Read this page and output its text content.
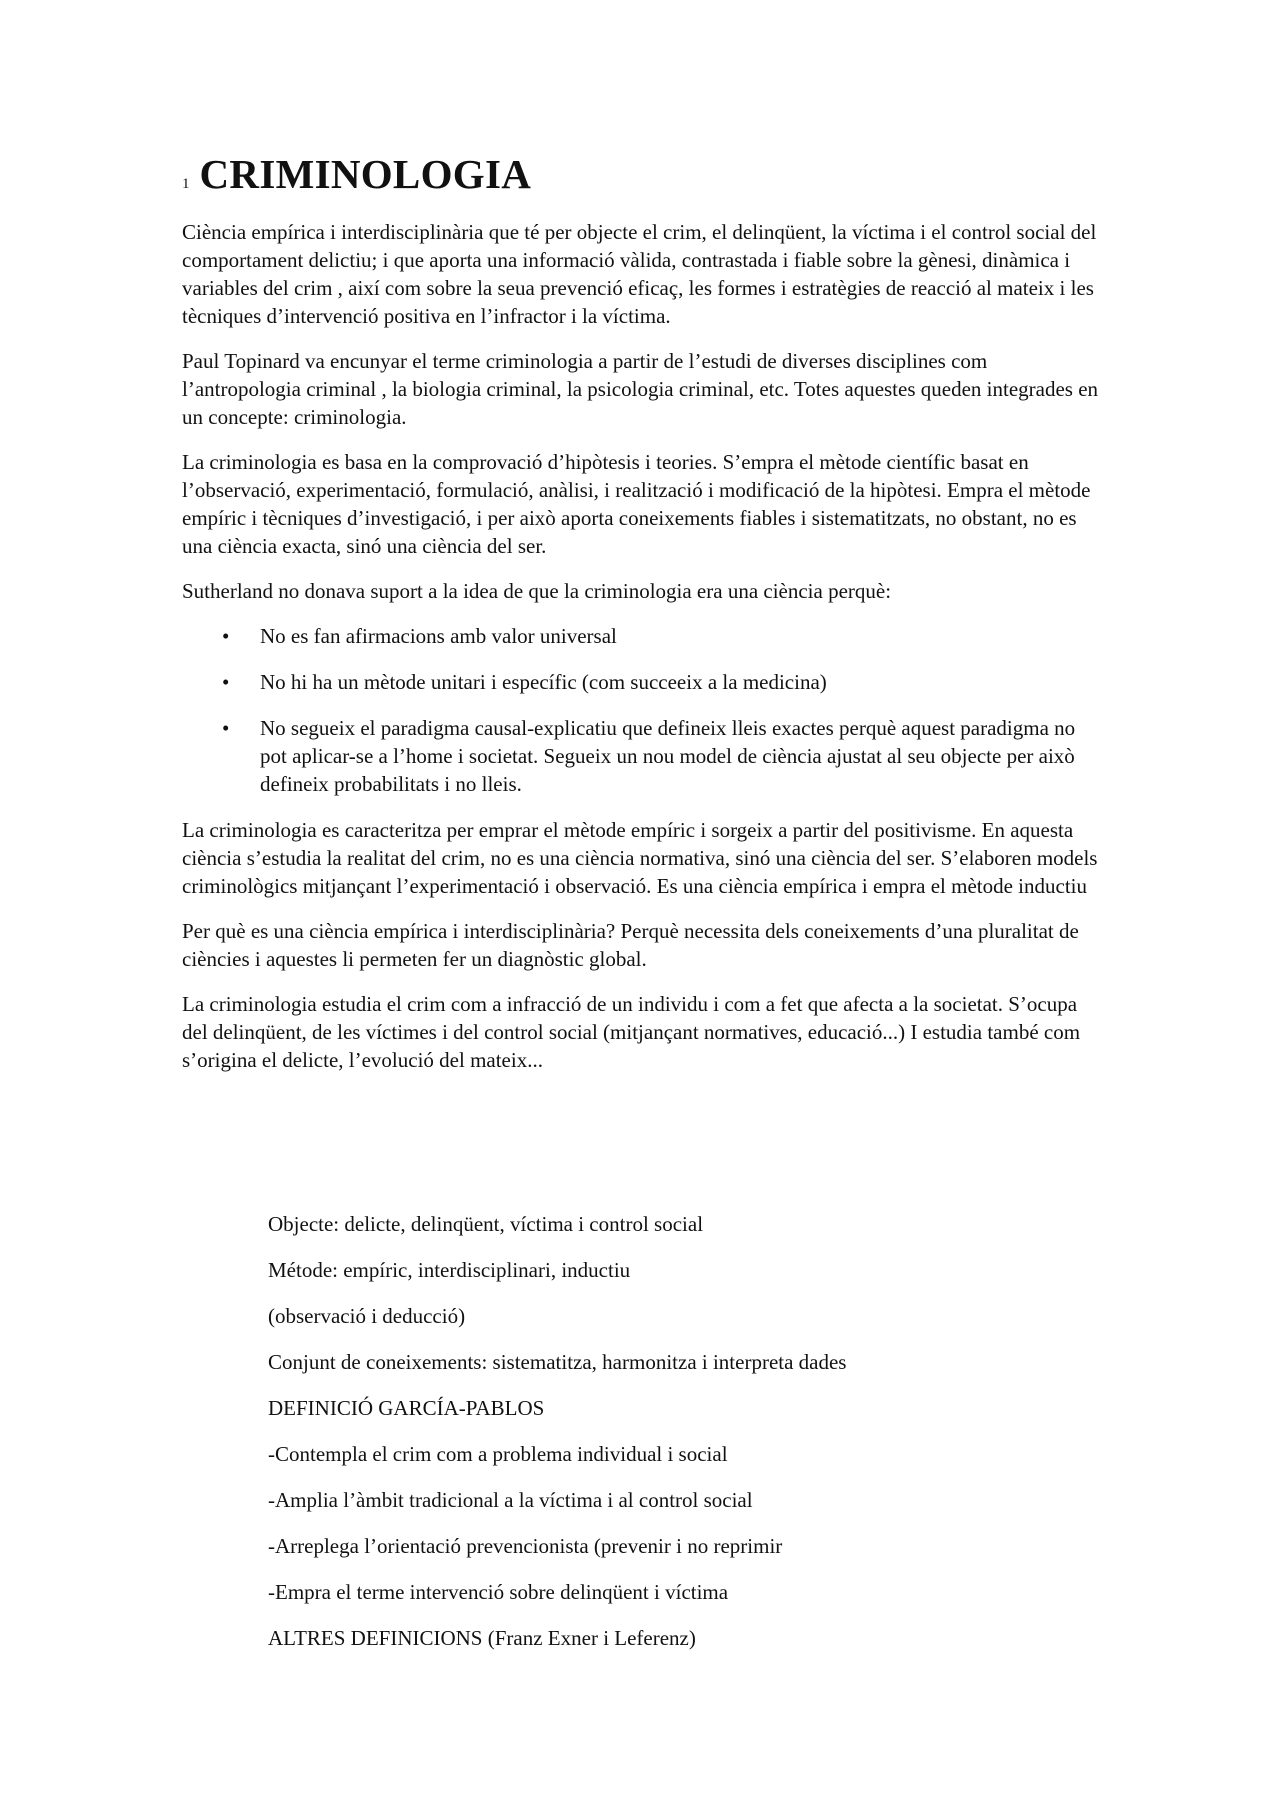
1 CRIMINOLOGIA

Ciència empírica i interdisciplinària que té per objecte el crim, el delinqüent, la víctima i el control social del comportament delictiu; i que aporta una informació vàlida, contrastada i fiable sobre la gènesi, dinàmica i variables del crim , així com sobre la seua prevenció eficaç, les formes i estratègies de reacció al mateix i les tècniques d’intervenció positiva en l’infractor i la víctima.

Paul Topinard va encunyar el terme criminologia a partir de l’estudi de diverses disciplines com l’antropologia criminal , la biologia criminal, la psicologia criminal, etc. Totes aquestes queden integrades en un concepte: criminologia.

La criminologia es basa en la comprovació d’hipòtesis i teories. S’empra el mètode científic basat en l’observació, experimentació, formulació, anàlisi, i realització i modificació de la hipòtesi. Empra el mètode empíric i tècniques d’investigació, i per això aporta coneixements fiables i sistematitzats, no obstant, no es una ciència exacta, sinó una ciència del ser.

Sutherland no donava suport a la idea de que la criminologia era una ciència perquè:

• No es fan afirmacions amb valor universal
• No hi ha un mètode unitari i específic (com succeeix a la medicina)
• No segueix el paradigma causal-explicatiu que defineix lleis exactes perquè aquest paradigma no pot aplicar-se a l’home i societat. Segueix un nou model de ciència ajustat al seu objecte per això defineix probabilitats i no lleis.

La criminologia es caracteritza per emprar el mètode empíric i sorgeix a partir del positivisme. En aquesta ciència s’estudia la realitat del crim, no es una ciència normativa, sinó una ciència del ser. S’elaboren models criminològics mitjançant l’experimentació i observació. Es una ciència empírica i empra el mètode inductiu

Per què es una ciència empírica i interdisciplinària? Perquè necessita dels coneixements d’una pluralitat de ciències i aquestes li permeten fer un diagnòstic global.

La criminologia estudia el crim com a infracció de un individu i com a fet que afecta a la societat. S’ocupa del delinqüent, de les víctimes i del control social (mitjançant normatives, educació...) I estudia també com s’origina el delicte, l’evolució del mateix...

Objecte: delicte, delinqüent, víctima i control social
Métode: empíric, interdisciplinari, inductiu
(observació i deducció)
Conjunt de coneixements: sistematitza, harmonitza i interpreta dades
DEFINICIÓ GARCÍA-PABLOS
-Contempla el crim com a problema individual i social
-Amplia l’àmbit tradicional a la víctima i al control social
-Arreplega l’orientació prevencionista (prevenir i no reprimir
-Empra el terme intervenció sobre delinqüent i víctima
ALTRES DEFINICIONS (Franz Exner i Leferenz)
